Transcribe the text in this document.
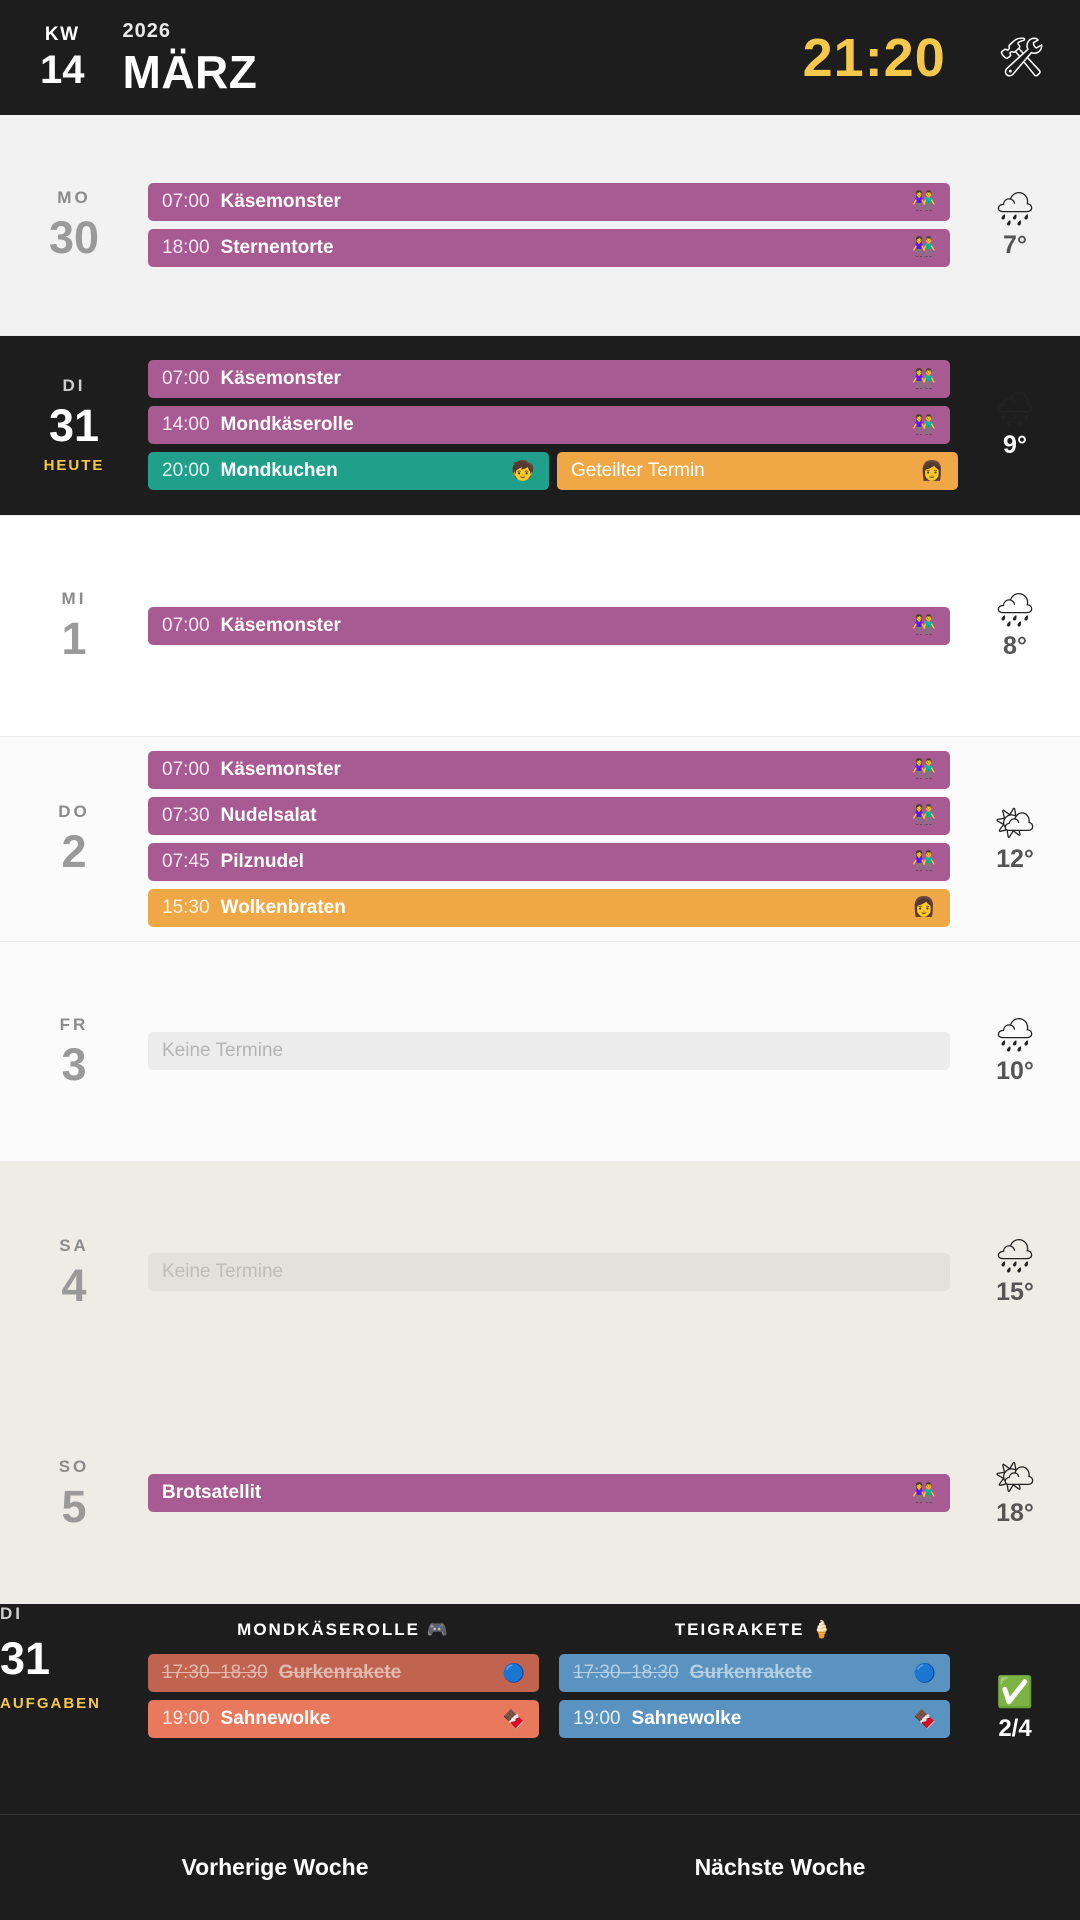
KW
14
2026
MÄRZ	21:20 🛠
MO
30
07:00 Käsemonster	👫
18:00 Sternentorte	👫
🌧
7°
DI
31
HEUTE
07:00 Käsemonster	👫
14:00 Mondkäserolle	👫
20:00 Mondkuchen	🧒 Geteilter Termin	👩
🌧
9°
MI
1	07:00 Käsemonster	👫 🌧
8°
DO
2
07:00 Käsemonster	👫
07:30 Nudelsalat	👫
07:45 Pilznudel	👫
15:30 Wolkenbraten	👩
🌤
12°
FR
3	Keine Termine	🌧
10°
SA
4	Keine Termine	🌧
15°
SO
5	Brotsatellit	👫 🌤
18°
DI
31
AUFGABEN
MONDKÄSEROLLE 🎮
17:30–18:30 Gurkenrakete	🔵
19:00 Sahnewolke	🍫
TEIGRAKETE 🍦
17:30–18:30 Gurkenrakete	🔵
19:00 Sahnewolke	🍫
✅
2/4
Vorherige Woche	Nächste Woche
